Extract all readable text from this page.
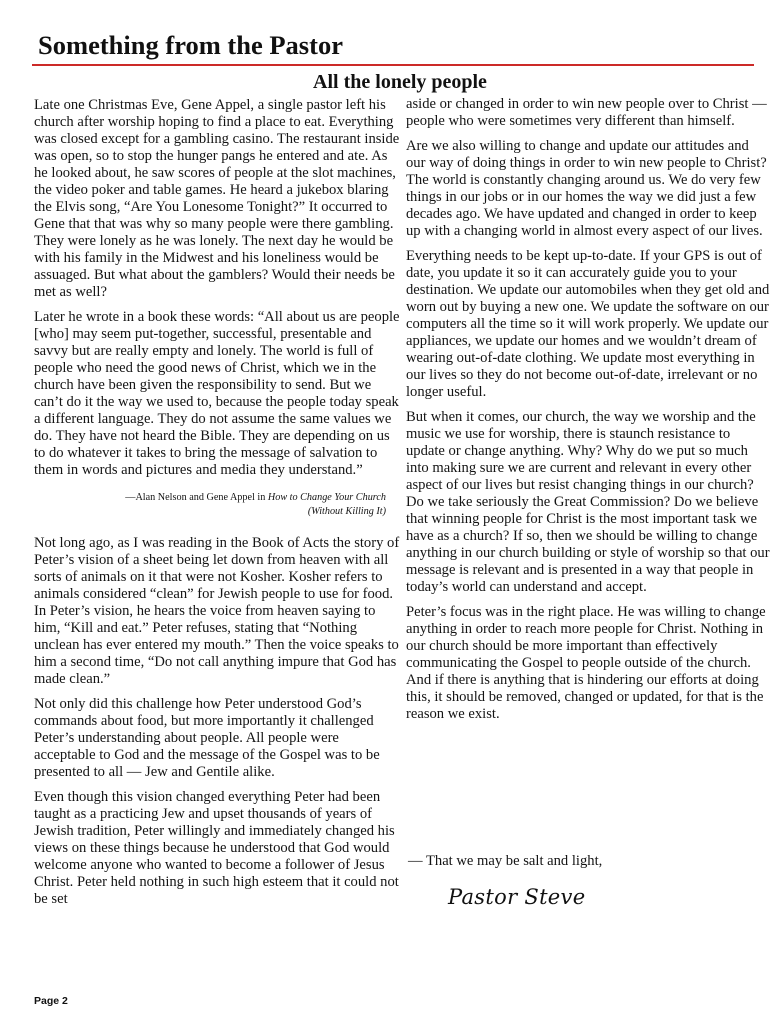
Something from the Pastor
All the lonely people

Late one Christmas Eve, Gene Appel, a single pastor left his church after worship hoping to find a place to eat. Everything was closed except for a gambling casino. The restaurant inside was open, so to stop the hunger pangs he entered and ate. As he looked about, he saw scores of people at the slot machines, the video poker and table games. He heard a jukebox blaring the Elvis song, “Are You Lonesome Tonight?” It occurred to Gene that that was why so many people were there gambling. They were lonely as he was lonely. The next day he would be with his family in the Midwest and his loneliness would be assuaged. But what about the gamblers? Would their needs be met as well?

Later he wrote in a book these words: “All about us are people [who] may seem put-together, successful, presentable and savvy but are really empty and lonely. The world is full of people who need the good news of Christ, which we in the church have been given the responsibility to send. But we can’t do it the way we used to, because the people today speak a different language. They do not assume the same values we do. They have not heard the Bible. They are depending on us to do whatever it takes to bring the message of salvation to them in words and pictures and media they understand.”

—Alan Nelson and Gene Appel in How to Change Your Church
(Without Killing It)

Not long ago, as I was reading in the Book of Acts the story of Peter’s vision of a sheet being let down from heaven with all sorts of animals on it that were not Kosher. Kosher refers to animals considered “clean” for Jewish people to use for food. In Peter’s vision, he hears the voice from heaven saying to him, “Kill and eat.” Peter refuses, stating that “Nothing unclean has ever entered my mouth.” Then the voice speaks to him a second time, “Do not call anything impure that God has made clean.”

Not only did this challenge how Peter understood God’s commands about food, but more importantly it challenged Peter’s understanding about people. All people were acceptable to God and the message of the Gospel was to be presented to all — Jew and Gentile alike.

Even though this vision changed everything Peter had been taught as a practicing Jew and upset thousands of years of Jewish tradition, Peter willingly and immediately changed his views on these things because he understood that God would welcome anyone who wanted to become a follower of Jesus Christ. Peter held nothing in such high esteem that it could not be set

aside or changed in order to win new people over to Christ — people who were sometimes very different than himself.

Are we also willing to change and update our attitudes and our way of doing things in order to win new people to Christ? The world is constantly changing around us. We do very few things in our jobs or in our homes the way we did just a few decades ago. We have updated and changed in order to keep up with a changing world in almost every aspect of our lives.

Everything needs to be kept up-to-date. If your GPS is out of date, you update it so it can accurately guide you to your destination. We update our automobiles when they get old and worn out by buying a new one. We update the software on our computers all the time so it will work properly. We update our appliances, we update our homes and we wouldn’t dream of wearing out-of-date clothing. We update most everything in our lives so they do not become out-of-date, irrelevant or no longer useful.

But when it comes, our church, the way we worship and the music we use for worship, there is staunch resistance to update or change anything. Why? Why do we put so much into making sure we are current and relevant in every other aspect of our lives but resist changing things in our church? Do we take seriously the Great Commission? Do we believe that winning people for Christ is the most important task we have as a church? If so, then we should be willing to change anything in our church building or style of worship so that our message is relevant and is presented in a way that people in today’s world can understand and accept.

Peter’s focus was in the right place. He was willing to change anything in order to reach more people for Christ. Nothing in our church should be more important than effectively communicating the Gospel to people outside of the church. And if there is anything that is hindering our efforts at doing this, it should be removed, changed or updated, for that is the reason we exist.

— That we may be salt and light,
Pastor Steve
Page 2
